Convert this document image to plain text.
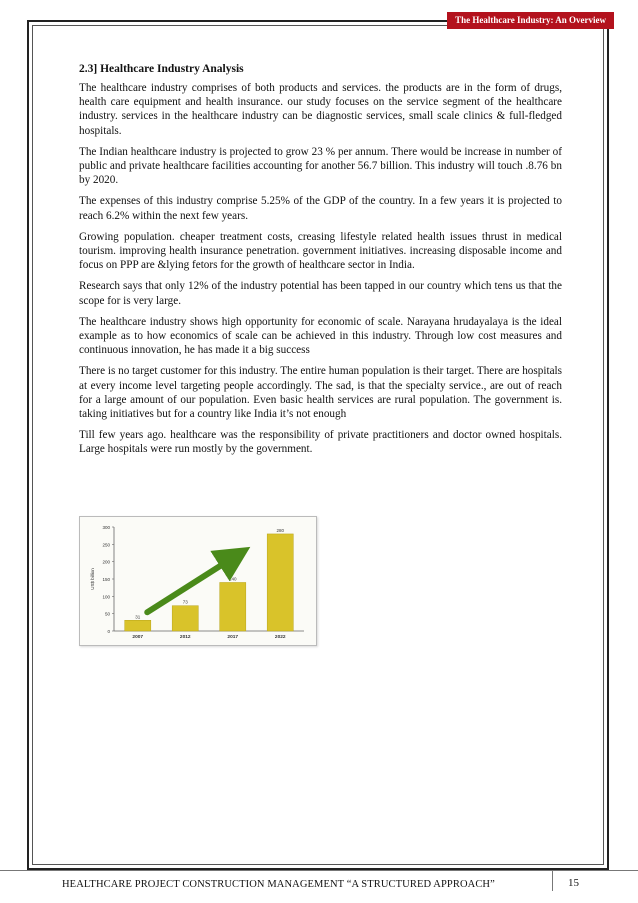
The Healthcare Industry: An Overview
2.3] Healthcare Industry Analysis

The healthcare industry comprises of both products and services. the products are in the form of drugs, health care equipment and health insurance. our study focuses on the service segment of the healthcare industry. services in the healthcare industry can be diagnostic services, small scale clinics & full-fledged hospitals.

The Indian healthcare industry is projected to grow 23 % per annum. There would be increase in number of public and private healthcare facilities accounting for another 56.7 billion. This industry will touch .8.76 bn by 2020.

The expenses of this industry comprise 5.25% of the GDP of the country. In a few years it is projected to reach 6.2% within the next few years.

Growing population. cheaper treatment costs, creasing lifestyle related health issues thrust in medical tourism. improving health insurance penetration. government initiatives. increasing disposable income and focus on PPP are &lying fetors for the growth of healthcare sector in India.

Research says that only 12% of the industry potential has been tapped in our country which tens us that the scope for is very large.

The healthcare industry shows high opportunity for economic of scale. Narayana hrudayalaya is the ideal example as to how economics of scale can be achieved in this industry. Through low cost measures and continuous innovation, he has made it a big success

There is no target customer for this industry. The entire human population is their target. There are hospitals at every income level targeting people accordingly. The sad, is that the specialty service., are out of reach for a large amount of our population. Even basic health services are rural population. The government is. taking initiatives but for a country like India it’s not enough

Till few years ago. healthcare was the responsibility of private practitioners and doctor owned hospitals. Large hospitals were run mostly by the government.

0
50
100
150
200
250
300
US$ billion
31
2007
73
2012
140
2017
280
2022
HEALTHCARE PROJECT CONSTRUCTION MANAGEMENT “A STRUCTURED APPROACH”	15
